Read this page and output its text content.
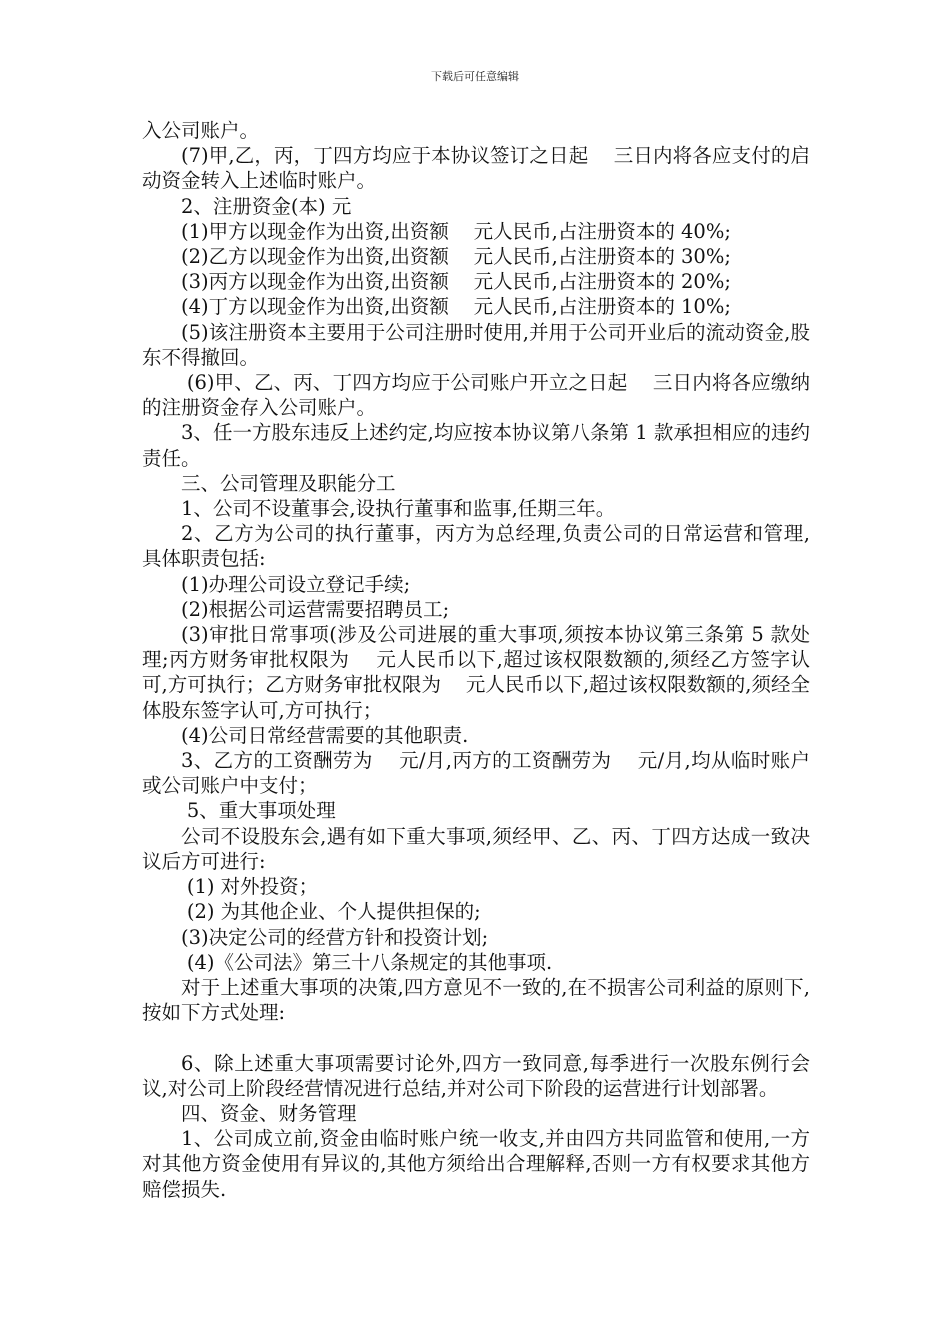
下载后可任意编辑

入公司账户。

(7)甲,乙，丙，丁四方均应于本协议签订之日起    三日内将各应支付的启动资金转入上述临时账户。

2、注册资金(本) 元

(1)甲方以现金作为出资,出资额    元人民币,占注册资本的 40%;

(2)乙方以现金作为出资,出资额    元人民币,占注册资本的 30%;

(3)丙方以现金作为出资,出资额    元人民币,占注册资本的 20%;

(4)丁方以现金作为出资,出资额    元人民币,占注册资本的 10%;

(5)该注册资本主要用于公司注册时使用,并用于公司开业后的流动资金,股东不得撤回。

(6)甲、乙、丙、丁四方均应于公司账户开立之日起    三日内将各应缴纳的注册资金存入公司账户。

3、任一方股东违反上述约定,均应按本协议第八条第 1 款承担相应的违约责任。

三、公司管理及职能分工

1、公司不设董事会,设执行董事和监事,任期三年。

2、乙方为公司的执行董事，丙方为总经理,负责公司的日常运营和管理,具体职责包括:

(1)办理公司设立登记手续;

(2)根据公司运营需要招聘员工;

(3)审批日常事项(涉及公司进展的重大事项,须按本协议第三条第 5 款处理;丙方财务审批权限为    元人民币以下,超过该权限数额的,须经乙方签字认可,方可执行；乙方财务审批权限为    元人民币以下,超过该权限数额的,须经全体股东签字认可,方可执行；

(4)公司日常经营需要的其他职责.

3、乙方的工资酬劳为    元/月,丙方的工资酬劳为    元/月,均从临时账户或公司账户中支付；

5、重大事项处理

公司不设股东会,遇有如下重大事项,须经甲、乙、丙、丁四方达成一致决议后方可进行:

(1) 对外投资；

(2) 为其他企业、个人提供担保的;

(3)决定公司的经营方针和投资计划;

(4)《公司法》第三十八条规定的其他事项.

对于上述重大事项的决策,四方意见不一致的,在不损害公司利益的原则下,按如下方式处理:

6、除上述重大事项需要讨论外,四方一致同意,每季进行一次股东例行会议,对公司上阶段经营情况进行总结,并对公司下阶段的运营进行计划部署。

四、资金、财务管理

1、公司成立前,资金由临时账户统一收支,并由四方共同监管和使用,一方对其他方资金使用有异议的,其他方须给出合理解释,否则一方有权要求其他方赔偿损失.
